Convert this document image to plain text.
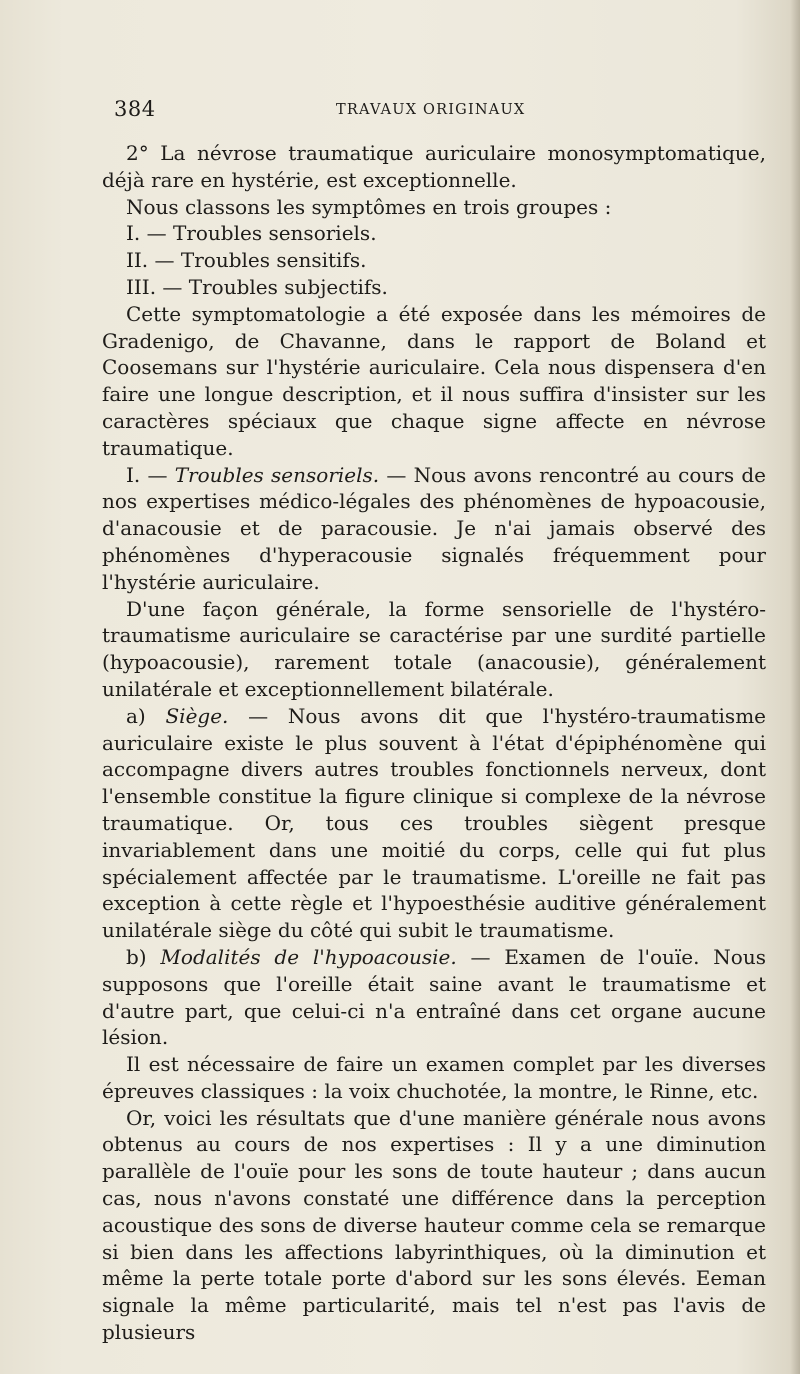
384	TRAVAUX ORIGINAUX

2° La névrose traumatique auriculaire monosymptomatique, déjà rare en hystérie, est exceptionnelle.

Nous classons les symptômes en trois groupes :

I. — Troubles sensoriels.

II. — Troubles sensitifs.

III. — Troubles subjectifs.

Cette symptomatologie a été exposée dans les mémoires de Gradenigo, de Chavanne, dans le rapport de Boland et Coosemans sur l'hystérie auriculaire. Cela nous dispensera d'en faire une longue description, et il nous suffira d'insister sur les caractères spéciaux que chaque signe affecte en névrose traumatique.

I. — Troubles sensoriels. — Nous avons rencontré au cours de nos expertises médico-légales des phénomènes de hypoacousie, d'anacousie et de paracousie. Je n'ai jamais observé des phénomènes d'hyperacousie signalés fréquemment pour l'hystérie auriculaire.

D'une façon générale, la forme sensorielle de l'hystéro-traumatisme auriculaire se caractérise par une surdité partielle (hypoacousie), rarement totale (anacousie), généralement unilatérale et exceptionnellement bilatérale.

a) Siège. — Nous avons dit que l'hystéro-traumatisme auriculaire existe le plus souvent à l'état d'épiphénomène qui accompagne divers autres troubles fonctionnels nerveux, dont l'ensemble constitue la figure clinique si complexe de la névrose traumatique. Or, tous ces troubles siègent presque invariablement dans une moitié du corps, celle qui fut plus spécialement affectée par le traumatisme. L'oreille ne fait pas exception à cette règle et l'hypoesthésie auditive généralement unilatérale siège du côté qui subit le traumatisme.

b) Modalités de l'hypoacousie. — Examen de l'ouïe. Nous supposons que l'oreille était saine avant le traumatisme et d'autre part, que celui-ci n'a entraîné dans cet organe aucune lésion.

Il est nécessaire de faire un examen complet par les diverses épreuves classiques : la voix chuchotée, la montre, le Rinne, etc.

Or, voici les résultats que d'une manière générale nous avons obtenus au cours de nos expertises : Il y a une diminution parallèle de l'ouïe pour les sons de toute hauteur ; dans aucun cas, nous n'avons constaté une différence dans la perception acoustique des sons de diverse hauteur comme cela se remarque si bien dans les affections labyrinthiques, où la diminution et même la perte totale porte d'abord sur les sons élevés. Eeman signale la même particularité, mais tel n'est pas l'avis de plusieurs
